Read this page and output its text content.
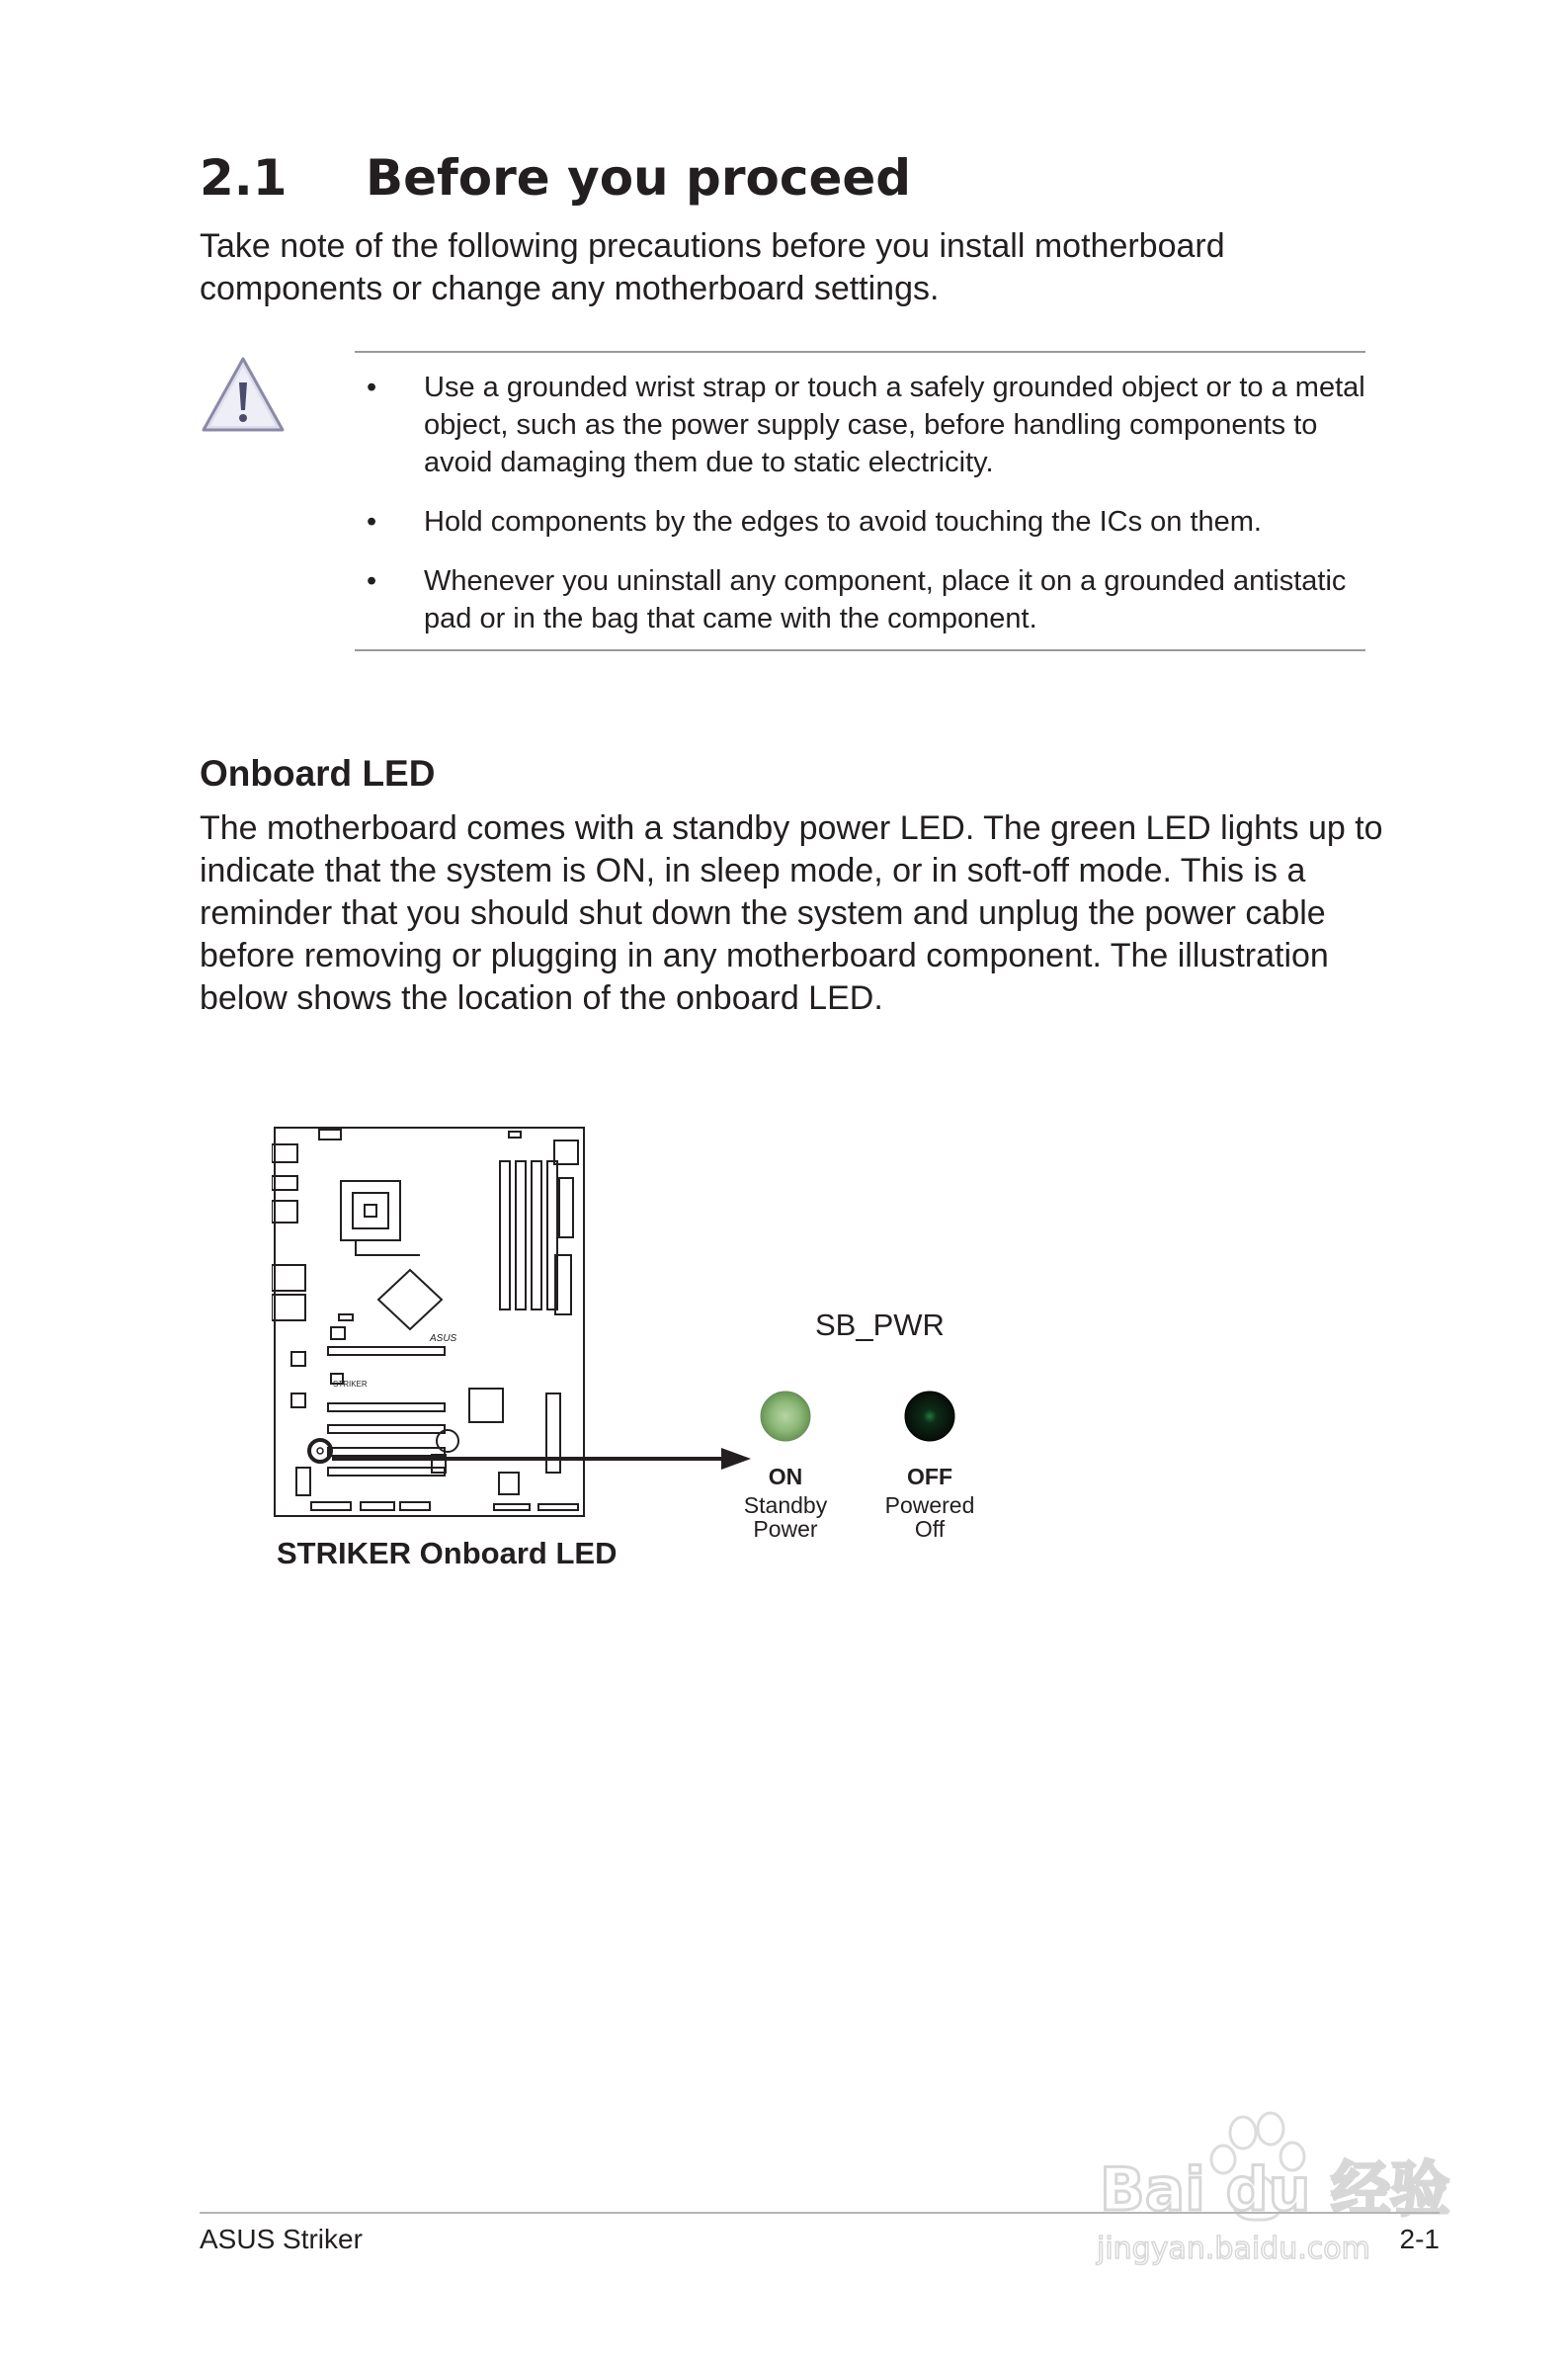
2.1 Before you proceed

Take note of the following precautions before you install motherboard components or change any motherboard settings.

• Use a grounded wrist strap or touch a safely grounded object or to a metal object, such as the power supply case, before handling components to avoid damaging them due to static electricity.
• Hold components by the edges to avoid touching the ICs on them.
• Whenever you uninstall any component, place it on a grounded antistatic pad or in the bag that came with the component.
Onboard LED

The motherboard comes with a standby power LED. The green LED lights up to indicate that the system is ON, in sleep mode, or in soft-off mode. This is a reminder that you should shut down the system and unplug the power cable before removing or plugging in any motherboard component. The illustration below shows the location of the onboard LED.

ASUS
STRIKER
SB_PWR
ON
Standby
Power
OFF
Powered
Off

STRIKER Onboard LED

Bai du 经验
jingyan.baidu.com
ASUS Striker	2-1
